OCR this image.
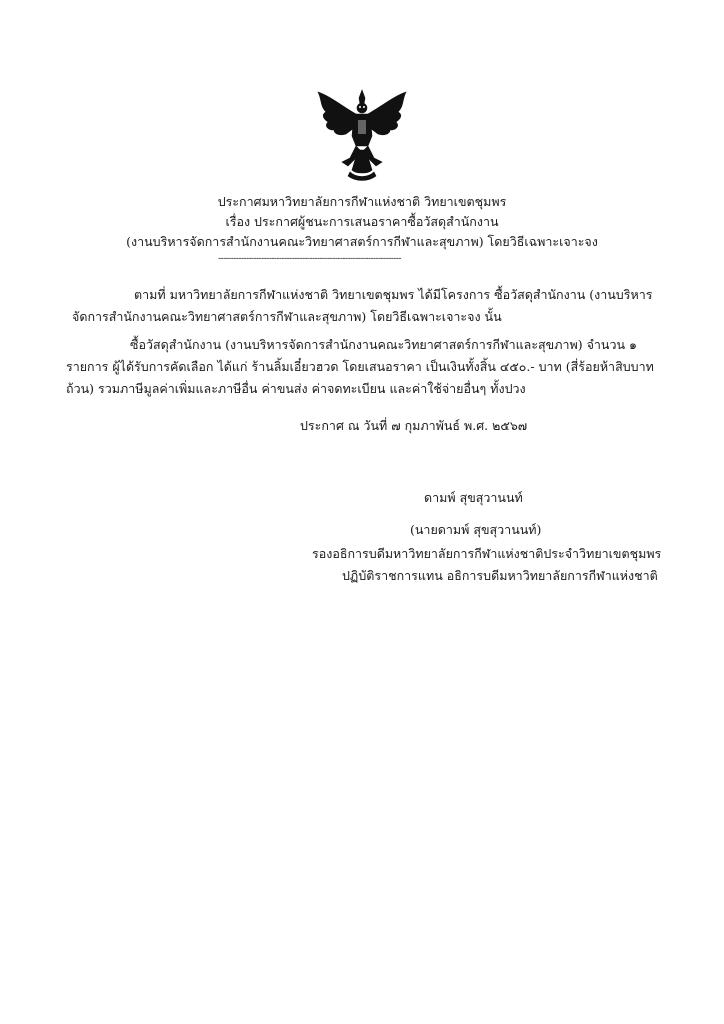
ประกาศมหาวิทยาลัยการกีฬาแห่งชาติ วิทยาเขตชุมพร
เรื่อง ประกาศผู้ชนะการเสนอราคาซื้อวัสดุสำนักงาน
(งานบริหารจัดการสำนักงานคณะวิทยาศาสตร์การกีฬาและสุขภาพ) โดยวิธีเฉพาะเจาะจง
------------------------------------------------------------------------
ตามที่ มหาวิทยาลัยการกีฬาแห่งชาติ วิทยาเขตชุมพร ได้มีโครงการ ซื้อวัสดุสำนักงาน (งานบริหาร
จัดการสำนักงานคณะวิทยาศาสตร์การกีฬาและสุขภาพ) โดยวิธีเฉพาะเจาะจง นั้น
ซื้อวัสดุสำนักงาน (งานบริหารจัดการสำนักงานคณะวิทยาศาสตร์การกีฬาและสุขภาพ) จำนวน ๑
รายการ ผู้ได้รับการคัดเลือก ได้แก่ ร้านลิ้มเอี๋ยวฮวด โดยเสนอราคา เป็นเงินทั้งสิ้น ๔๕๐.- บาท (สี่ร้อยห้าสิบบาท
ถ้วน) รวมภาษีมูลค่าเพิ่มและภาษีอื่น ค่าขนส่ง ค่าจดทะเบียน และค่าใช้จ่ายอื่นๆ ทั้งปวง
ประกาศ ณ วันที่ ๗ กุมภาพันธ์ พ.ศ. ๒๕๖๗
ดามพ์ สุขสุวานนท์
(นายดามพ์ สุขสุวานนท์)
รองอธิการบดีมหาวิทยาลัยการกีฬาแห่งชาติประจำวิทยาเขตชุมพร
ปฏิบัติราชการแทน อธิการบดีมหาวิทยาลัยการกีฬาแห่งชาติ
